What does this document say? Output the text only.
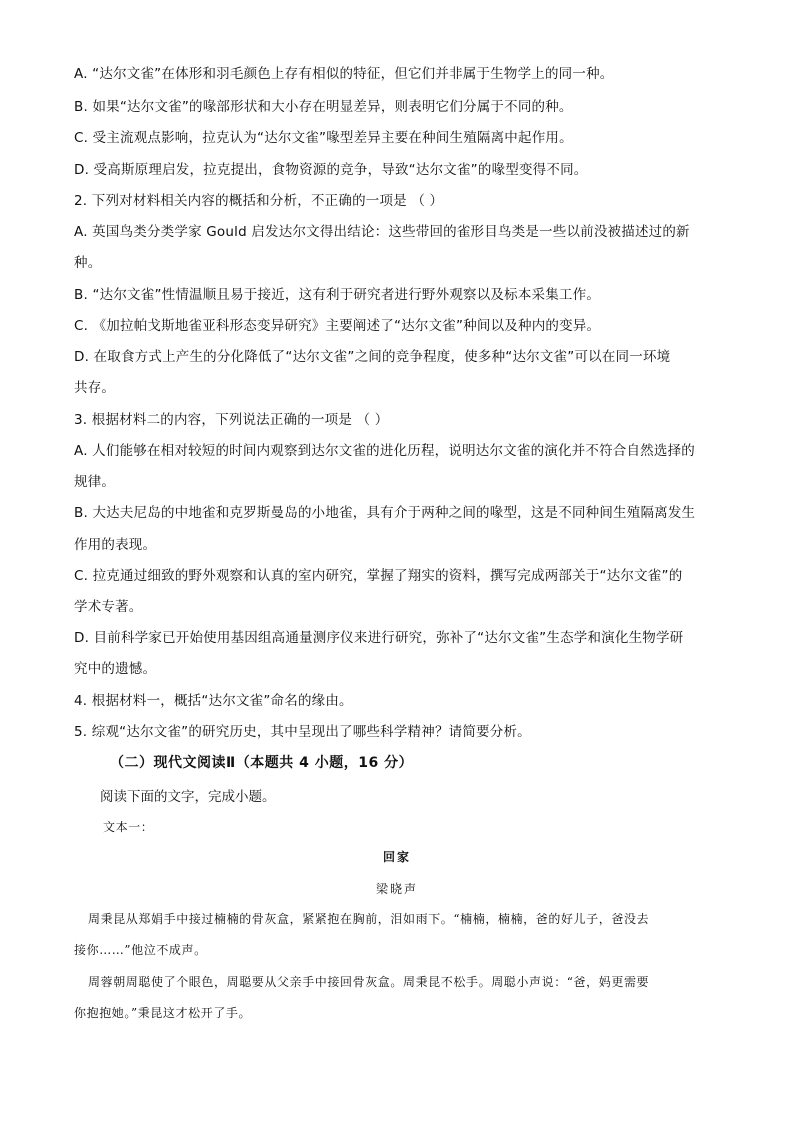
A. “达尔文雀”在体形和羽毛颜色上存有相似的特征，但它们并非属于生物学上的同一种。
B. 如果“达尔文雀”的喙部形状和大小存在明显差异，则表明它们分属于不同的种。
C. 受主流观点影响，拉克认为“达尔文雀”喙型差异主要在种间生殖隔离中起作用。
D. 受高斯原理启发，拉克提出，食物资源的竞争，导致“达尔文雀”的喙型变得不同。
2. 下列对材料相关内容的概括和分析，不正确的一项是 （ ）
A. 英国鸟类分类学家 Gould 启发达尔文得出结论：这些带回的雀形目鸟类是一些以前没被描述过的新
种。
B. “达尔文雀”性情温顺且易于接近，这有利于研究者进行野外观察以及标本采集工作。
C. 《加拉帕戈斯地雀亚科形态变异研究》主要阐述了“达尔文雀”种间以及种内的变异。
D. 在取食方式上产生的分化降低了“达尔文雀”之间的竞争程度，使多种“达尔文雀”可以在同一环境
共存。
3. 根据材料二的内容，下列说法正确的一项是 （ ）
A. 人们能够在相对较短的时间内观察到达尔文雀的进化历程，说明达尔文雀的演化并不符合自然选择的
规律。
B. 大达夫尼岛的中地雀和克罗斯曼岛的小地雀，具有介于两种之间的喙型，这是不同种间生殖隔离发生
作用的表现。
C. 拉克通过细致的野外观察和认真的室内研究，掌握了翔实的资料，撰写完成两部关于“达尔文雀”的
学术专著。
D. 目前科学家已开始使用基因组高通量测序仪来进行研究，弥补了“达尔文雀”生态学和演化生物学研
究中的遗憾。
4. 根据材料一，概括“达尔文雀”命名的缘由。
5. 综观“达尔文雀”的研究历史，其中呈现出了哪些科学精神？请简要分析。
（二）现代文阅读Ⅱ（本题共 4 小题，16 分）
阅读下面的文字，完成小题。
文本一：
回家
梁晓声
周秉昆从郑娟手中接过楠楠的骨灰盒，紧紧抱在胸前，泪如雨下。“楠楠，楠楠，爸的好儿子，爸没去
接你……”他泣不成声。
周蓉朝周聪使了个眼色，周聪要从父亲手中接回骨灰盒。周秉昆不松手。周聪小声说：“爸，妈更需要
你抱抱她。”秉昆这才松开了手。
